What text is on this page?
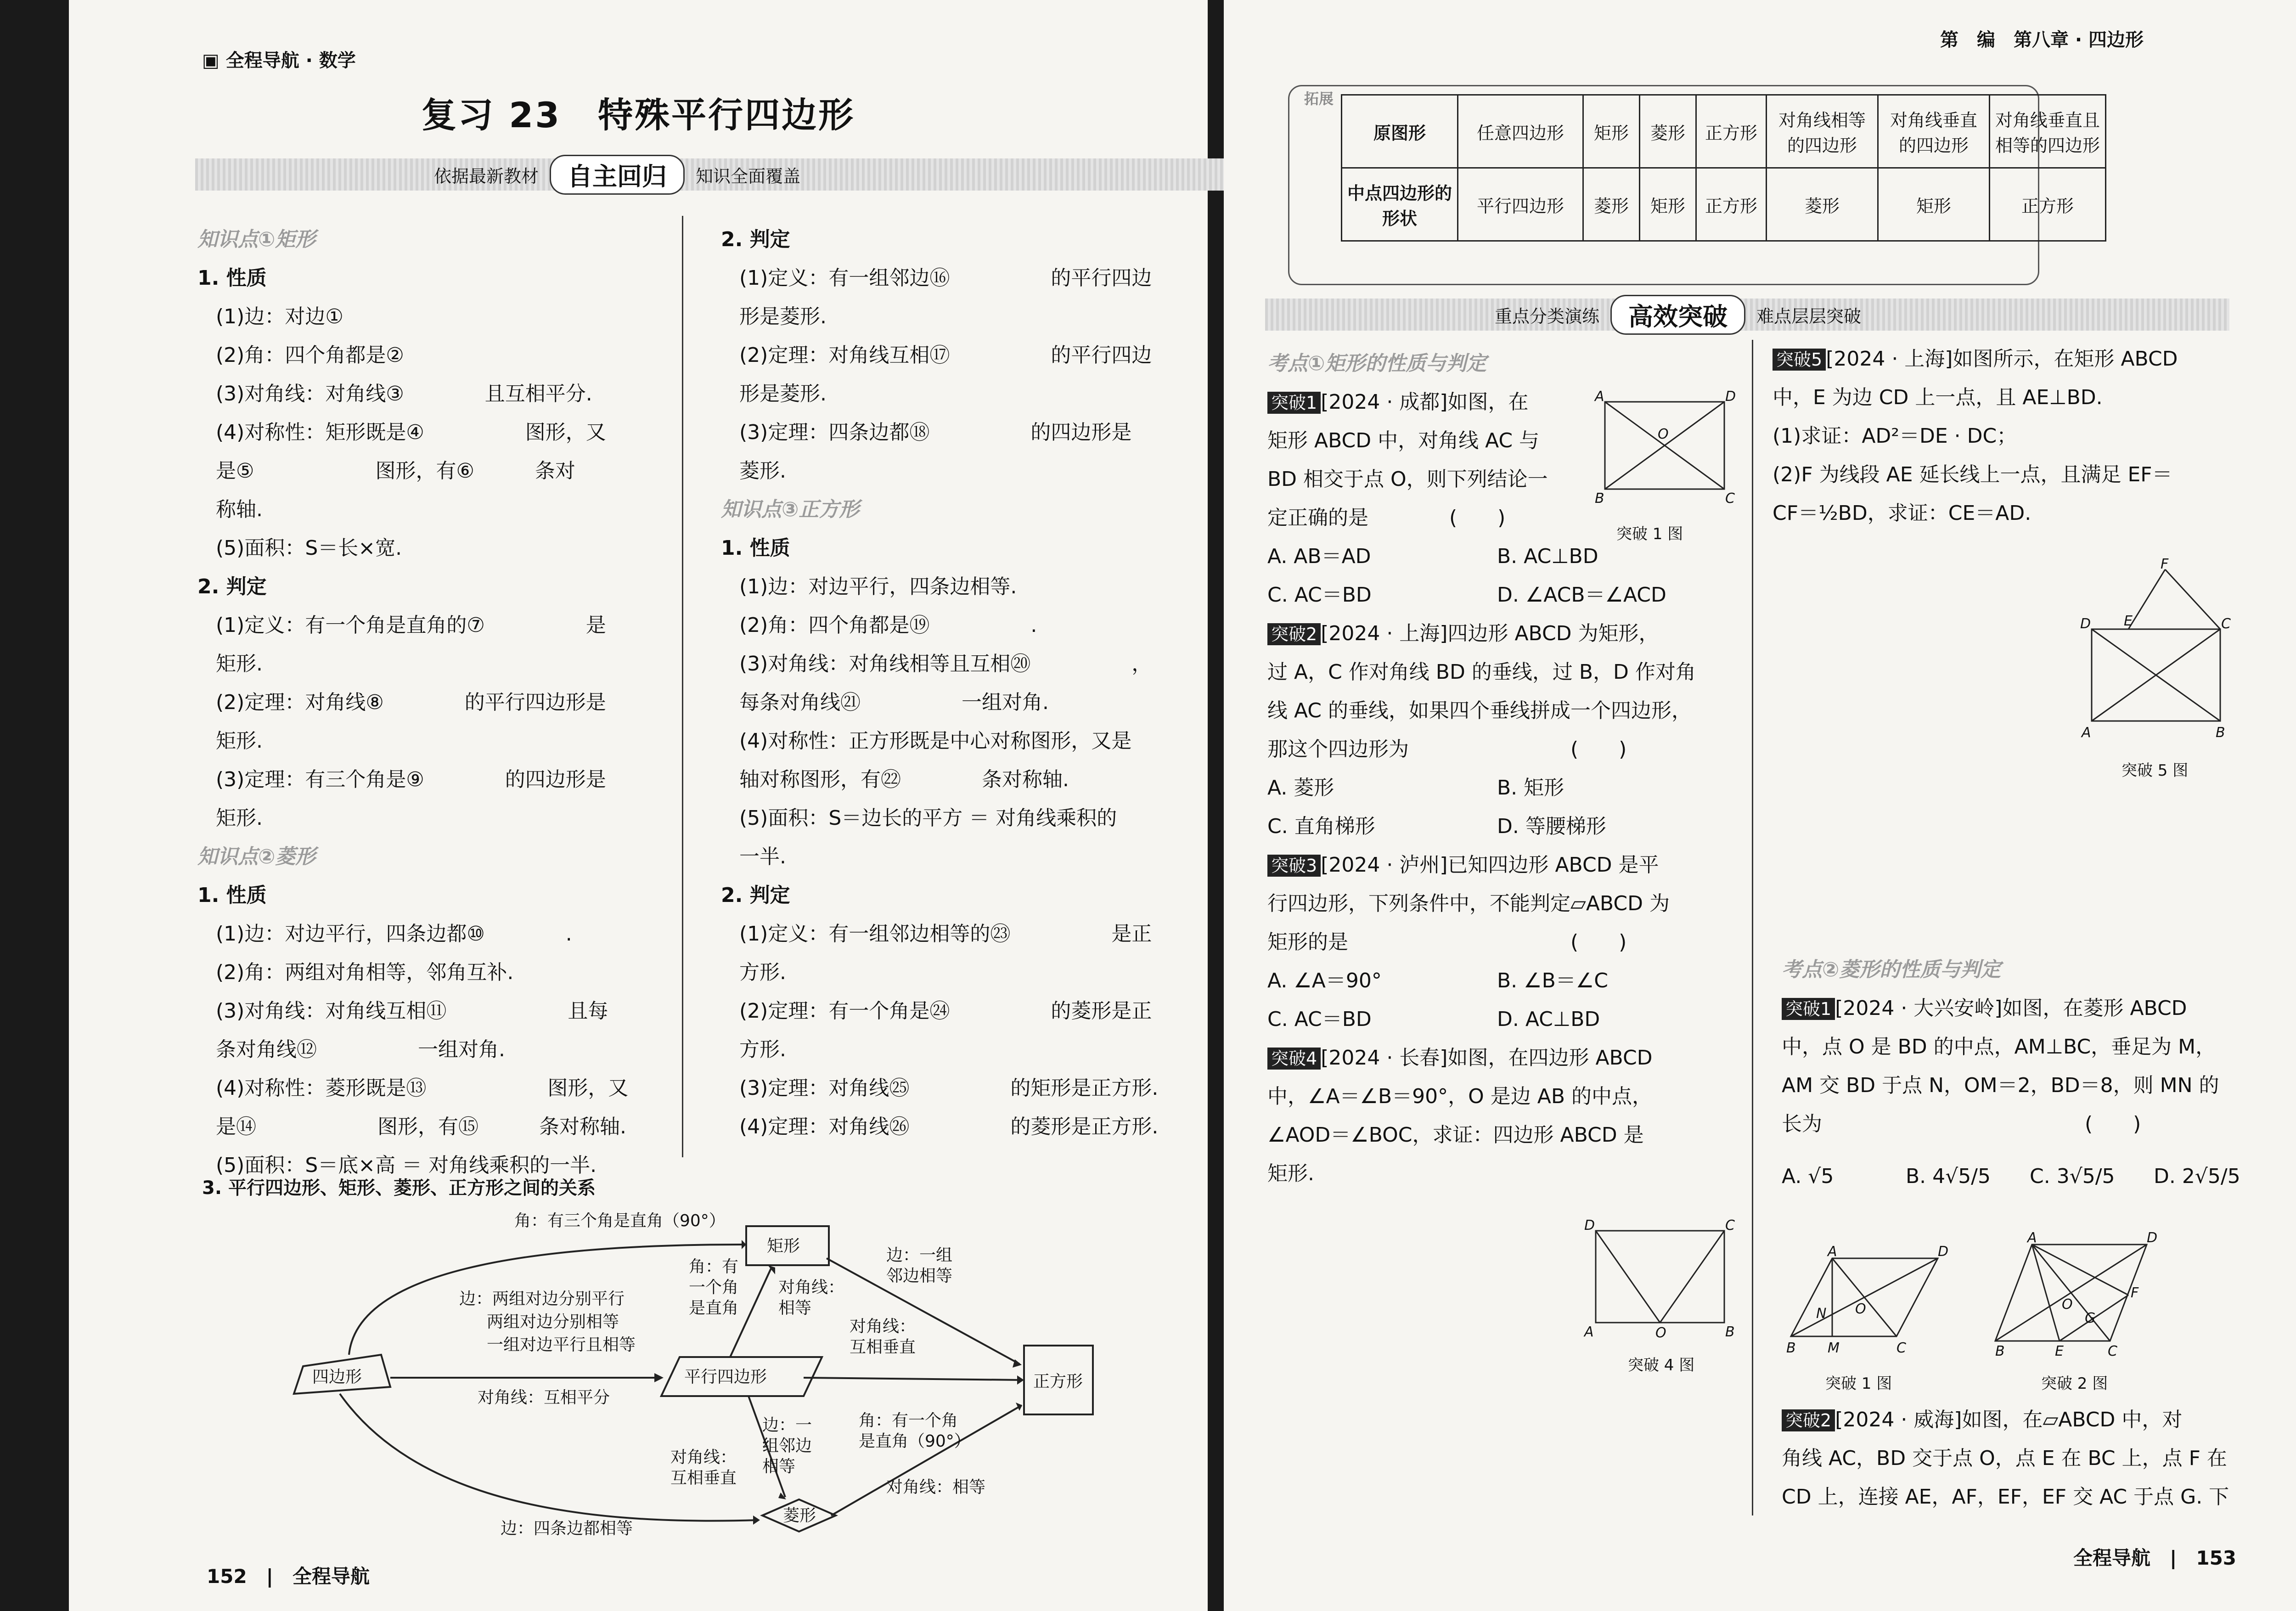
▣ 全程导航 · 数学
复习 23　特殊平行四边形
依据最新教材	自主回归	知识全面覆盖
知识点①矩形
1. 性质
(1)边：对边①
(2)角：四个角都是②
(3)对角线：对角线③　　　　且互相平分.
(4)对称性：矩形既是④　　　　　图形，又
是⑤　　　　　　图形，有⑥　　　条对
称轴.
(5)面积：S＝长×宽.
2. 判定
(1)定义：有一个角是直角的⑦　　　　　是
矩形.
(2)定理：对角线⑧　　　　的平行四边形是
矩形.
(3)定理：有三个角是⑨　　　　的四边形是
矩形.
知识点②菱形
1. 性质
(1)边：对边平行，四条边都⑩　　　　.
(2)角：两组对角相等，邻角互补.
(3)对角线：对角线互相⑪　　　　　　且每
条对角线⑫　　　　　一组对角.
(4)对称性：菱形既是⑬　　　　　　图形，又
是⑭　　　　　　图形，有⑮　　　条对称轴.
(5)面积：S＝底×高 ＝ 对角线乘积的一半.
2. 判定
(1)定义：有一组邻边⑯　　　　　的平行四边
形是菱形.
(2)定理：对角线互相⑰　　　　　的平行四边
形是菱形.
(3)定理：四条边都⑱　　　　　的四边形是
菱形.
知识点③正方形
1. 性质
(1)边：对边平行，四条边相等.
(2)角：四个角都是⑲　　　　　.
(3)对角线：对角线相等且互相⑳　　　　　，
每条对角线㉑　　　　　一组对角.
(4)对称性：正方形既是中心对称图形，又是
轴对称图形，有㉒　　　　条对称轴.
(5)面积：S＝边长的平方 ＝ 对角线乘积的
一半.
2. 判定
(1)定义：有一组邻边相等的㉓　　　　　是正
方形.
(2)定理：有一个角是㉔　　　　　的菱形是正
方形.
(3)定理：对角线㉕　　　　　的矩形是正方形.
(4)定理：对角线㉖　　　　　的菱形是正方形.
3. 平行四边形、矩形、菱形、正方形之间的关系
四边形	平行四边形
矩形
菱形
正方形
角：有三个角是直角（90°）
边：两组对边分别平行
两组对边分别相等
一组对边平行且相等
对角线：互相平分
角：有
一个角
是直角
对角线：
相等
边：一组
邻边相等
对角线：
互相垂直
边：一
组邻边
相等
对角线：
互相垂直
角：有一个角
是直角（90°）
对角线：相等
边：四条边都相等
152　|　全程导航
第　编　第八章 · 四边形
拓展
原图形	任意四边形	矩形	菱形	正方形	对角线相等的四边形	对角线垂直的四边形	对角线垂直且相等的四边形
中点四边形的形状	平行四边形	菱形	矩形	正方形	菱形	矩形	正方形
重点分类演练	高效突破	难点层层突破
考点①矩形的性质与判定
突破1 [2024 · 成都]如图，在
矩形 ABCD 中，对角线 AC 与
BD 相交于点 O，则下列结论一
定正确的是　　　　(　　)
A. AB＝AD	B. AC⊥BD
C. AC＝BD	D. ∠ACB＝∠ACD
突破2 [2024 · 上海]四边形 ABCD 为矩形，
过 A，C 作对角线 BD 的垂线，过 B，D 作对角
线 AC 的垂线，如果四个垂线拼成一个四边形，
那这个四边形为　　　　　　　　(　　)
A. 菱形	B. 矩形
C. 直角梯形	D. 等腰梯形
突破3 [2024 · 泸州]已知四边形 ABCD 是平
行四边形，下列条件中，不能判定▱ABCD 为
矩形的是　　　　　　　　　　　(　　)
A. ∠A＝90°	B. ∠B＝∠C
C. AC＝BD	D. AC⊥BD
突破4 [2024 · 长春]如图，在四边形 ABCD
中，∠A＝∠B＝90°，O 是边 AB 的中点，
∠AOD＝∠BOC，求证：四边形 ABCD 是
矩形.
A	D
B	C
O
突破 1 图
D	C
A	O	B
突破 4 图
突破5 [2024 · 上海]如图所示，在矩形 ABCD
中，E 为边 CD 上一点，且 AE⊥BD.
(1)求证：AD²＝DE · DC；
(2)F 为线段 AE 延长线上一点，且满足 EF＝
CF＝½BD，求证：CE＝AD.
F
D E	C
A	B
突破 5 图
考点②菱形的性质与判定
突破1 [2024 · 大兴安岭]如图，在菱形 ABCD
中，点 O 是 BD 的中点，AM⊥BC，垂足为 M，
AM 交 BD 于点 N，OM＝2，BD＝8，则 MN 的
长为　　　　　　　　　　　　　(　　)
A. √5	B. 4√5/5 C. 3√5/5 D. 2√5/5
A	D
B M	C
N O
突破 1 图
A	D
B	E	C
F
O
G
突破 2 图
突破2 [2024 · 威海]如图，在▱ABCD 中，对
角线 AC，BD 交于点 O，点 E 在 BC 上，点 F 在
CD 上，连接 AE，AF，EF，EF 交 AC 于点 G. 下
全程导航　|　153
